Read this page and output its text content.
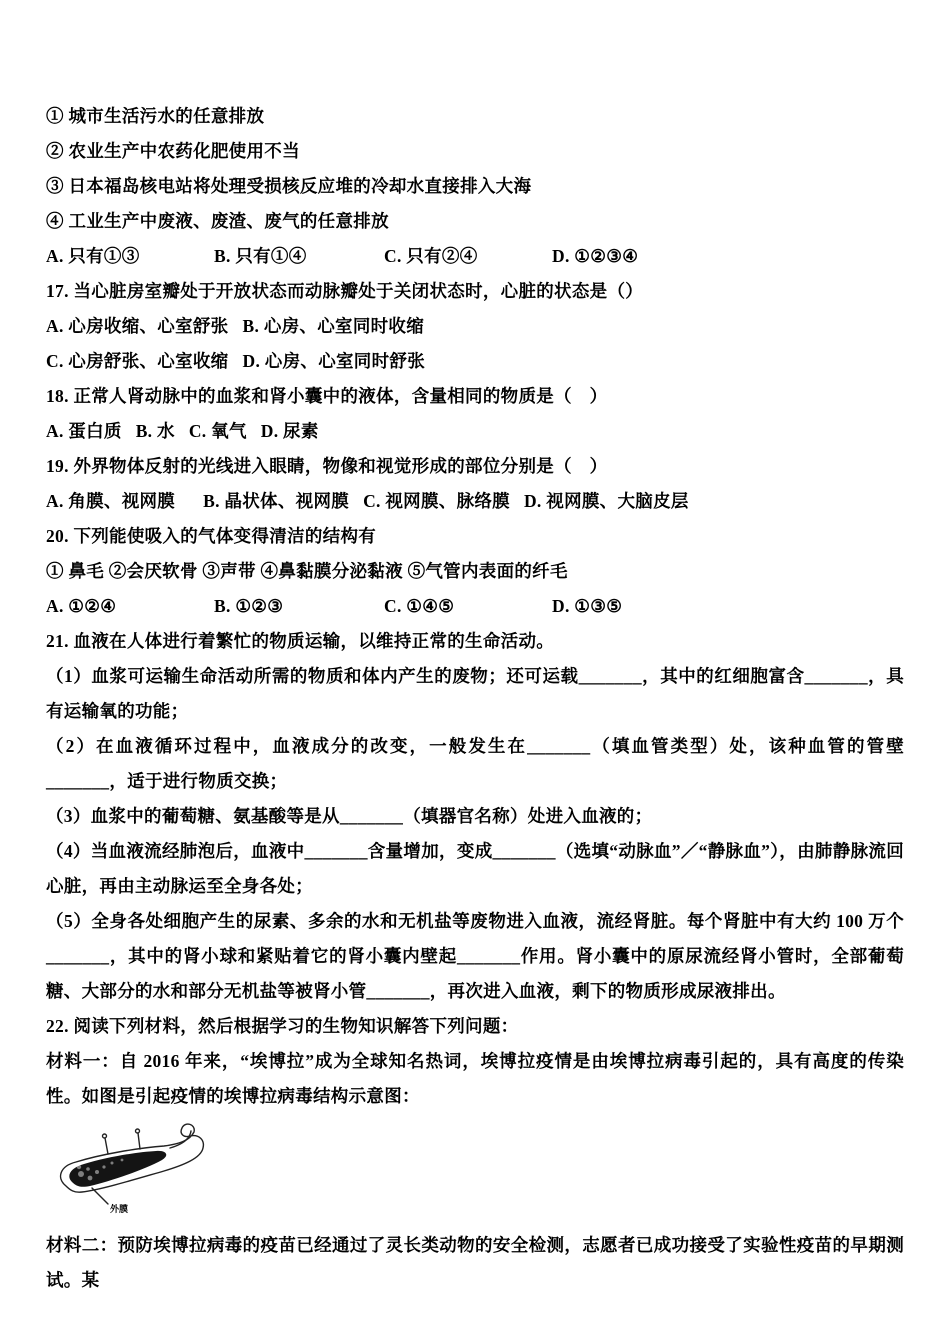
① 城市生活污水的任意排放
② 农业生产中农药化肥使用不当
③ 日本福岛核电站将处理受损核反应堆的冷却水直接排入大海
④ 工业生产中废液、废渣、废气的任意排放
A. 只有①③	B. 只有①④	C. 只有②④	D. ①②③④
17. 当心脏房室瓣处于开放状态而动脉瓣处于关闭状态时，心脏的状态是（）
A. 心房收缩、心室舒张   B. 心房、心室同时收缩
C. 心房舒张、心室收缩   D. 心房、心室同时舒张
18. 正常人肾动脉中的血浆和肾小囊中的液体，含量相同的物质是（　）
A. 蛋白质   B. 水   C. 氧气   D. 尿素
19. 外界物体反射的光线进入眼睛，物像和视觉形成的部位分别是（　）
A. 角膜、视网膜      B. 晶状体、视网膜   C. 视网膜、脉络膜   D. 视网膜、大脑皮层
20. 下列能使吸入的气体变得清洁的结构有
① 鼻毛 ②会厌软骨 ③声带 ④鼻黏膜分泌黏液 ⑤气管内表面的纤毛
A. ①②④	B. ①②③	C. ①④⑤	D. ①③⑤
21. 血液在人体进行着繁忙的物质运输，以维持正常的生命活动。
（1）血浆可运输生命活动所需的物质和体内产生的废物；还可运载_______，其中的红细胞富含_______，具有运输氧的功能；
（2）在血液循环过程中，血液成分的改变，一般发生在_______（填血管类型）处，该种血管的管壁_______，适于进行物质交换；
（3）血浆中的葡萄糖、氨基酸等是从_______（填器官名称）处进入血液的；
（4）当血液流经肺泡后，血液中_______含量增加，变成_______（选填“动脉血”／“静脉血”），由肺静脉流回心脏，再由主动脉运至全身各处；
（5）全身各处细胞产生的尿素、多余的水和无机盐等废物进入血液，流经肾脏。每个肾脏中有大约 100 万个_______，其中的肾小球和紧贴着它的肾小囊内壁起_______作用。肾小囊中的原尿流经肾小管时，全部葡萄糖、大部分的水和部分无机盐等被肾小管_______，再次进入血液，剩下的物质形成尿液排出。
22. 阅读下列材料，然后根据学习的生物知识解答下列问题：
材料一：自 2016 年来，“埃博拉”成为全球知名热词，埃博拉疫情是由埃博拉病毒引起的，具有高度的传染性。如图是引起疫情的埃博拉病毒结构示意图：
外膜
材料二：预防埃博拉病毒的疫苗已经通过了灵长类动物的安全检测，志愿者已成功接受了实验性疫苗的早期测试。某
